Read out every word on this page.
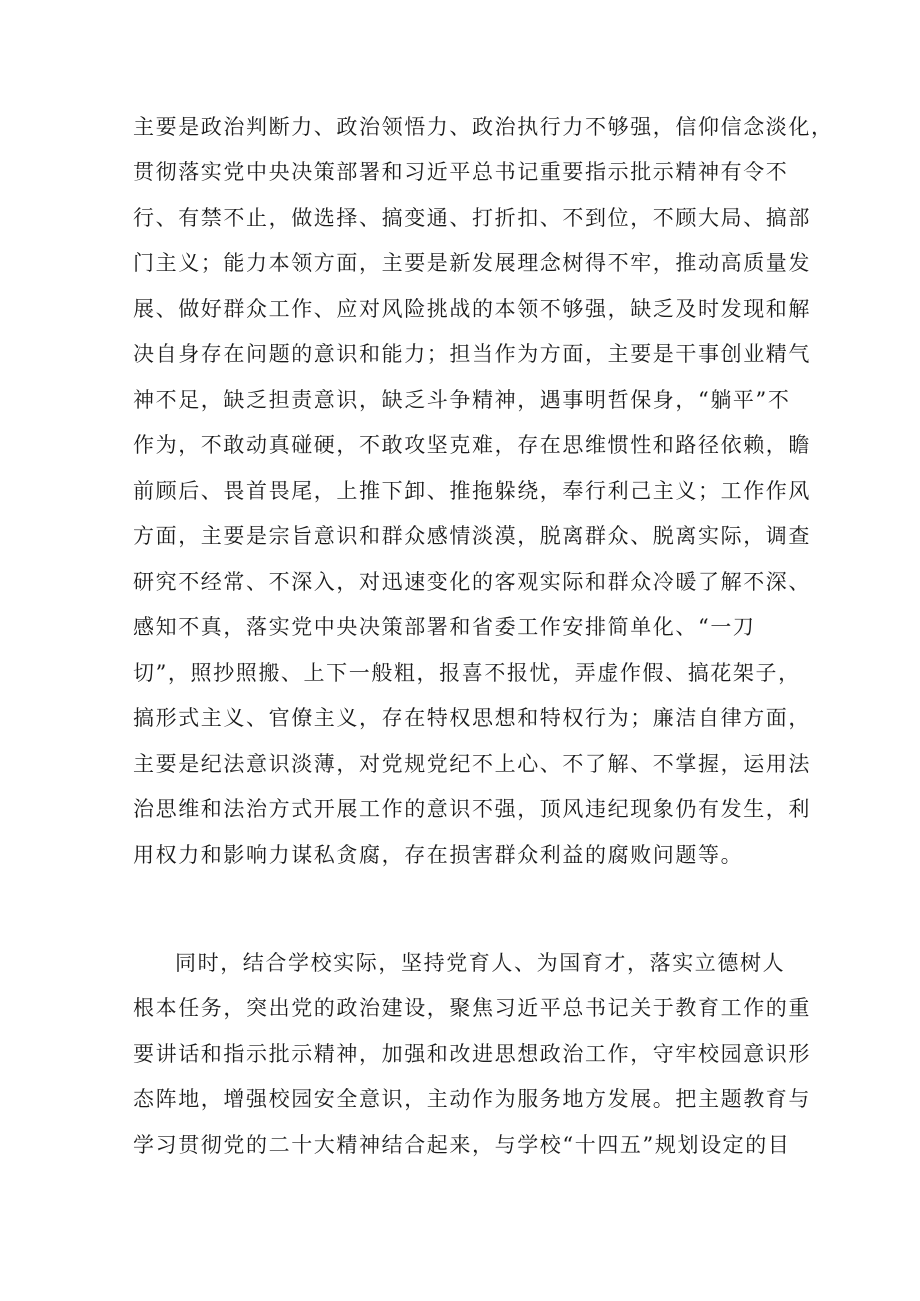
主要是政治判断力、政治领悟力、政治执行力不够强，信仰信念淡化，
贯彻落实党中央决策部署和习近平总书记重要指示批示精神有令不
行、有禁不止，做选择、搞变通、打折扣、不到位，不顾大局、搞部
门主义；能力本领方面，主要是新发展理念树得不牢，推动高质量发
展、做好群众工作、应对风险挑战的本领不够强，缺乏及时发现和解
决自身存在问题的意识和能力；担当作为方面，主要是干事创业精气
神不足，缺乏担责意识，缺乏斗争精神，遇事明哲保身，“躺平”不
作为，不敢动真碰硬，不敢攻坚克难，存在思维惯性和路径依赖，瞻
前顾后、畏首畏尾，上推下卸、推拖躲绕，奉行利己主义；工作作风
方面，主要是宗旨意识和群众感情淡漠，脱离群众、脱离实际，调查
研究不经常、不深入，对迅速变化的客观实际和群众冷暖了解不深、
感知不真，落实党中央决策部署和省委工作安排简单化、“一刀
切”，照抄照搬、上下一般粗，报喜不报忧，弄虚作假、搞花架子，
搞形式主义、官僚主义，存在特权思想和特权行为；廉洁自律方面，
主要是纪法意识淡薄，对党规党纪不上心、不了解、不掌握，运用法
治思维和法治方式开展工作的意识不强，顶风违纪现象仍有发生，利
用权力和影响力谋私贪腐，存在损害群众利益的腐败问题等。
同时，结合学校实际，坚持党育人、为国育才，落实立德树人
根本任务，突出党的政治建设，聚焦习近平总书记关于教育工作的重
要讲话和指示批示精神，加强和改进思想政治工作，守牢校园意识形
态阵地，增强校园安全意识，主动作为服务地方发展。把主题教育与
学习贯彻党的二十大精神结合起来，与学校“十四五”规划设定的目
